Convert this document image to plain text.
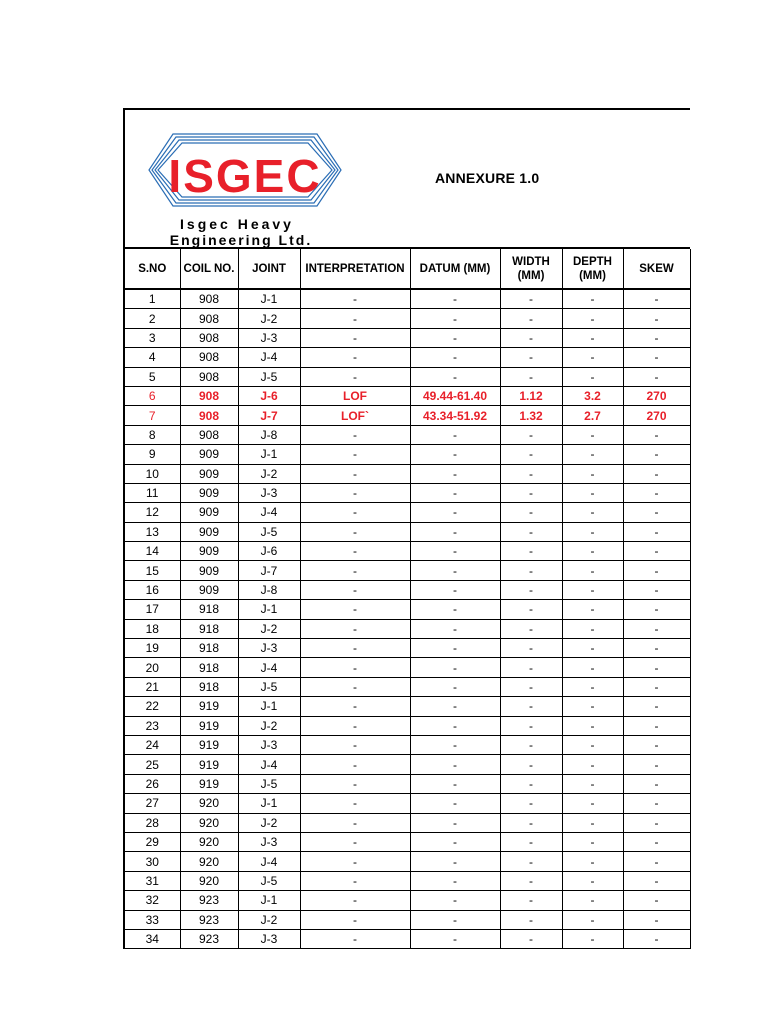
ISGEC
Isgec Heavy
Engineering Ltd.
ANNEXURE 1.0
S.NO	COIL NO.	JOINT	INTERPRETATION	DATUM (MM)	WIDTH (MM)	DEPTH (MM)	SKEW
1	908	J-1	-	-	-	-	-
2	908	J-2	-	-	-	-	-
3	908	J-3	-	-	-	-	-
4	908	J-4	-	-	-	-	-
5	908	J-5	-	-	-	-	-
6	908	J-6	LOF	49.44-61.40	1.12	3.2	270
7	908	J-7	LOF`	43.34-51.92	1.32	2.7	270
8	908	J-8	-	-	-	-	-
9	909	J-1	-	-	-	-	-
10	909	J-2	-	-	-	-	-
11	909	J-3	-	-	-	-	-
12	909	J-4	-	-	-	-	-
13	909	J-5	-	-	-	-	-
14	909	J-6	-	-	-	-	-
15	909	J-7	-	-	-	-	-
16	909	J-8	-	-	-	-	-
17	918	J-1	-	-	-	-	-
18	918	J-2	-	-	-	-	-
19	918	J-3	-	-	-	-	-
20	918	J-4	-	-	-	-	-
21	918	J-5	-	-	-	-	-
22	919	J-1	-	-	-	-	-
23	919	J-2	-	-	-	-	-
24	919	J-3	-	-	-	-	-
25	919	J-4	-	-	-	-	-
26	919	J-5	-	-	-	-	-
27	920	J-1	-	-	-	-	-
28	920	J-2	-	-	-	-	-
29	920	J-3	-	-	-	-	-
30	920	J-4	-	-	-	-	-
31	920	J-5	-	-	-	-	-
32	923	J-1	-	-	-	-	-
33	923	J-2	-	-	-	-	-
34	923	J-3	-	-	-	-	-
